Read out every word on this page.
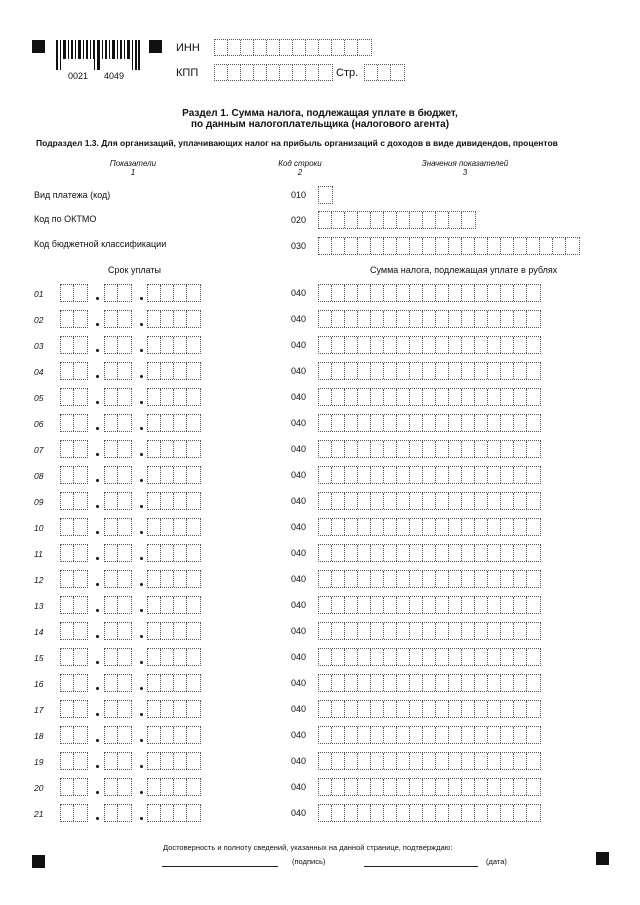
0021 4049
ИНН
КПП	Стр.
Раздел 1. Сумма налога, подлежащая уплате в бюджет,
по данным налогоплательщика (налогового агента)
Подраздел 1.3. Для организаций, уплачивающих налог на прибыль организаций с доходов в виде дивидендов, процентов
Показатели
1
Код строки
2
Значения показателей
3
Вид платежа (код)	010
Код по ОКТМО	020
Код бюджетной классификации	030
Срок уплаты	Сумма налога, подлежащая уплате в рублях
01	040
02	040
03	040
04	040
05	040
06	040
07	040
08	040
09	040
10	040
11	040
12	040
13	040
14	040
15	040
16	040
17	040
18	040
19	040
20	040
21	040
Достоверность и полноту сведений, указанных на данной странице, подтверждаю:
(подпись)	(дата)
